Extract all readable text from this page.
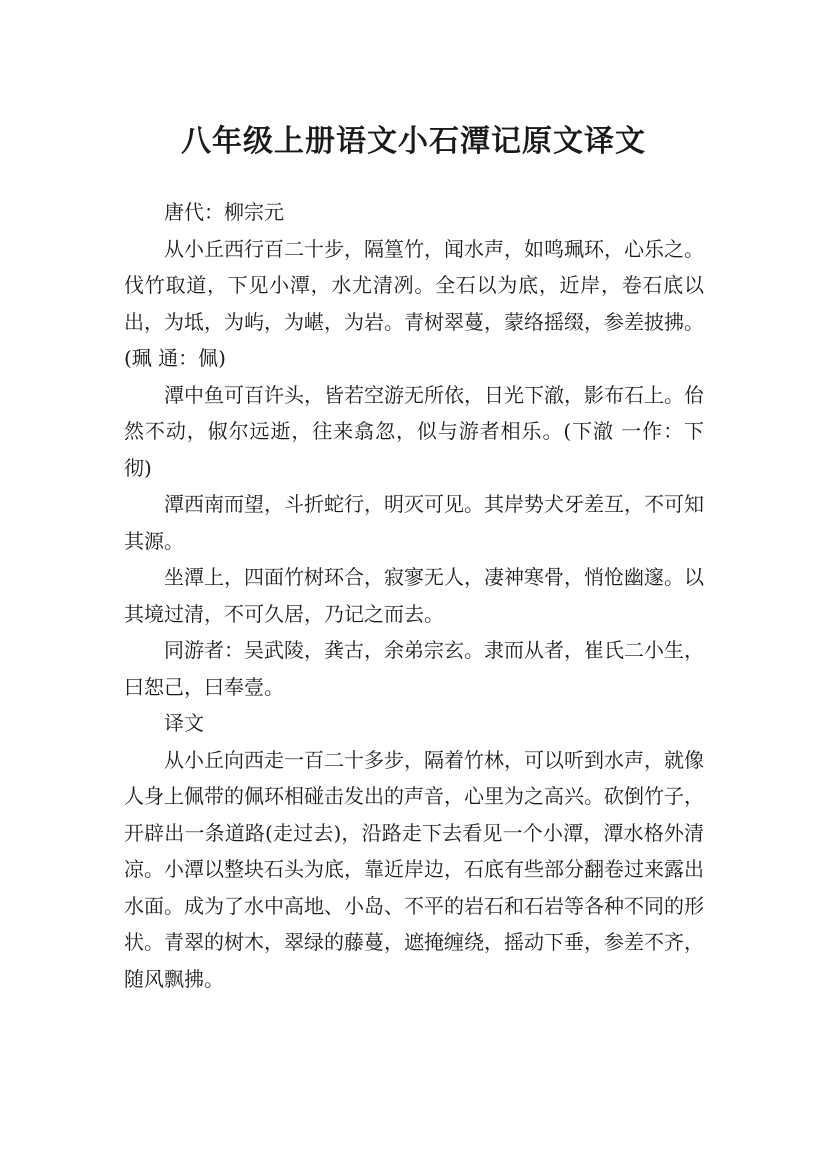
八年级上册语文小石潭记原文译文

唐代：柳宗元

从小丘西行百二十步，隔篁竹，闻水声，如鸣珮环，心乐之。伐竹取道，下见小潭，水尤清冽。全石以为底，近岸，卷石底以出，为坻，为屿，为嵁，为岩。青树翠蔓，蒙络摇缀，参差披拂。(珮 通：佩)

潭中鱼可百许头，皆若空游无所依，日光下澈，影布石上。佁然不动，俶尔远逝，往来翕忽，似与游者相乐。(下澈 一作：下彻)

潭西南而望，斗折蛇行，明灭可见。其岸势犬牙差互，不可知其源。

坐潭上，四面竹树环合，寂寥无人，凄神寒骨，悄怆幽邃。以其境过清，不可久居，乃记之而去。

同游者：吴武陵，龚古，余弟宗玄。隶而从者，崔氏二小生，曰恕己，曰奉壹。

译文

从小丘向西走一百二十多步，隔着竹林，可以听到水声，就像人身上佩带的佩环相碰击发出的声音，心里为之高兴。砍倒竹子，开辟出一条道路(走过去)，沿路走下去看见一个小潭，潭水格外清凉。小潭以整块石头为底，靠近岸边，石底有些部分翻卷过来露出水面。成为了水中高地、小岛、不平的岩石和石岩等各种不同的形状。青翠的树木，翠绿的藤蔓，遮掩缠绕，摇动下垂，参差不齐，随风飘拂。
